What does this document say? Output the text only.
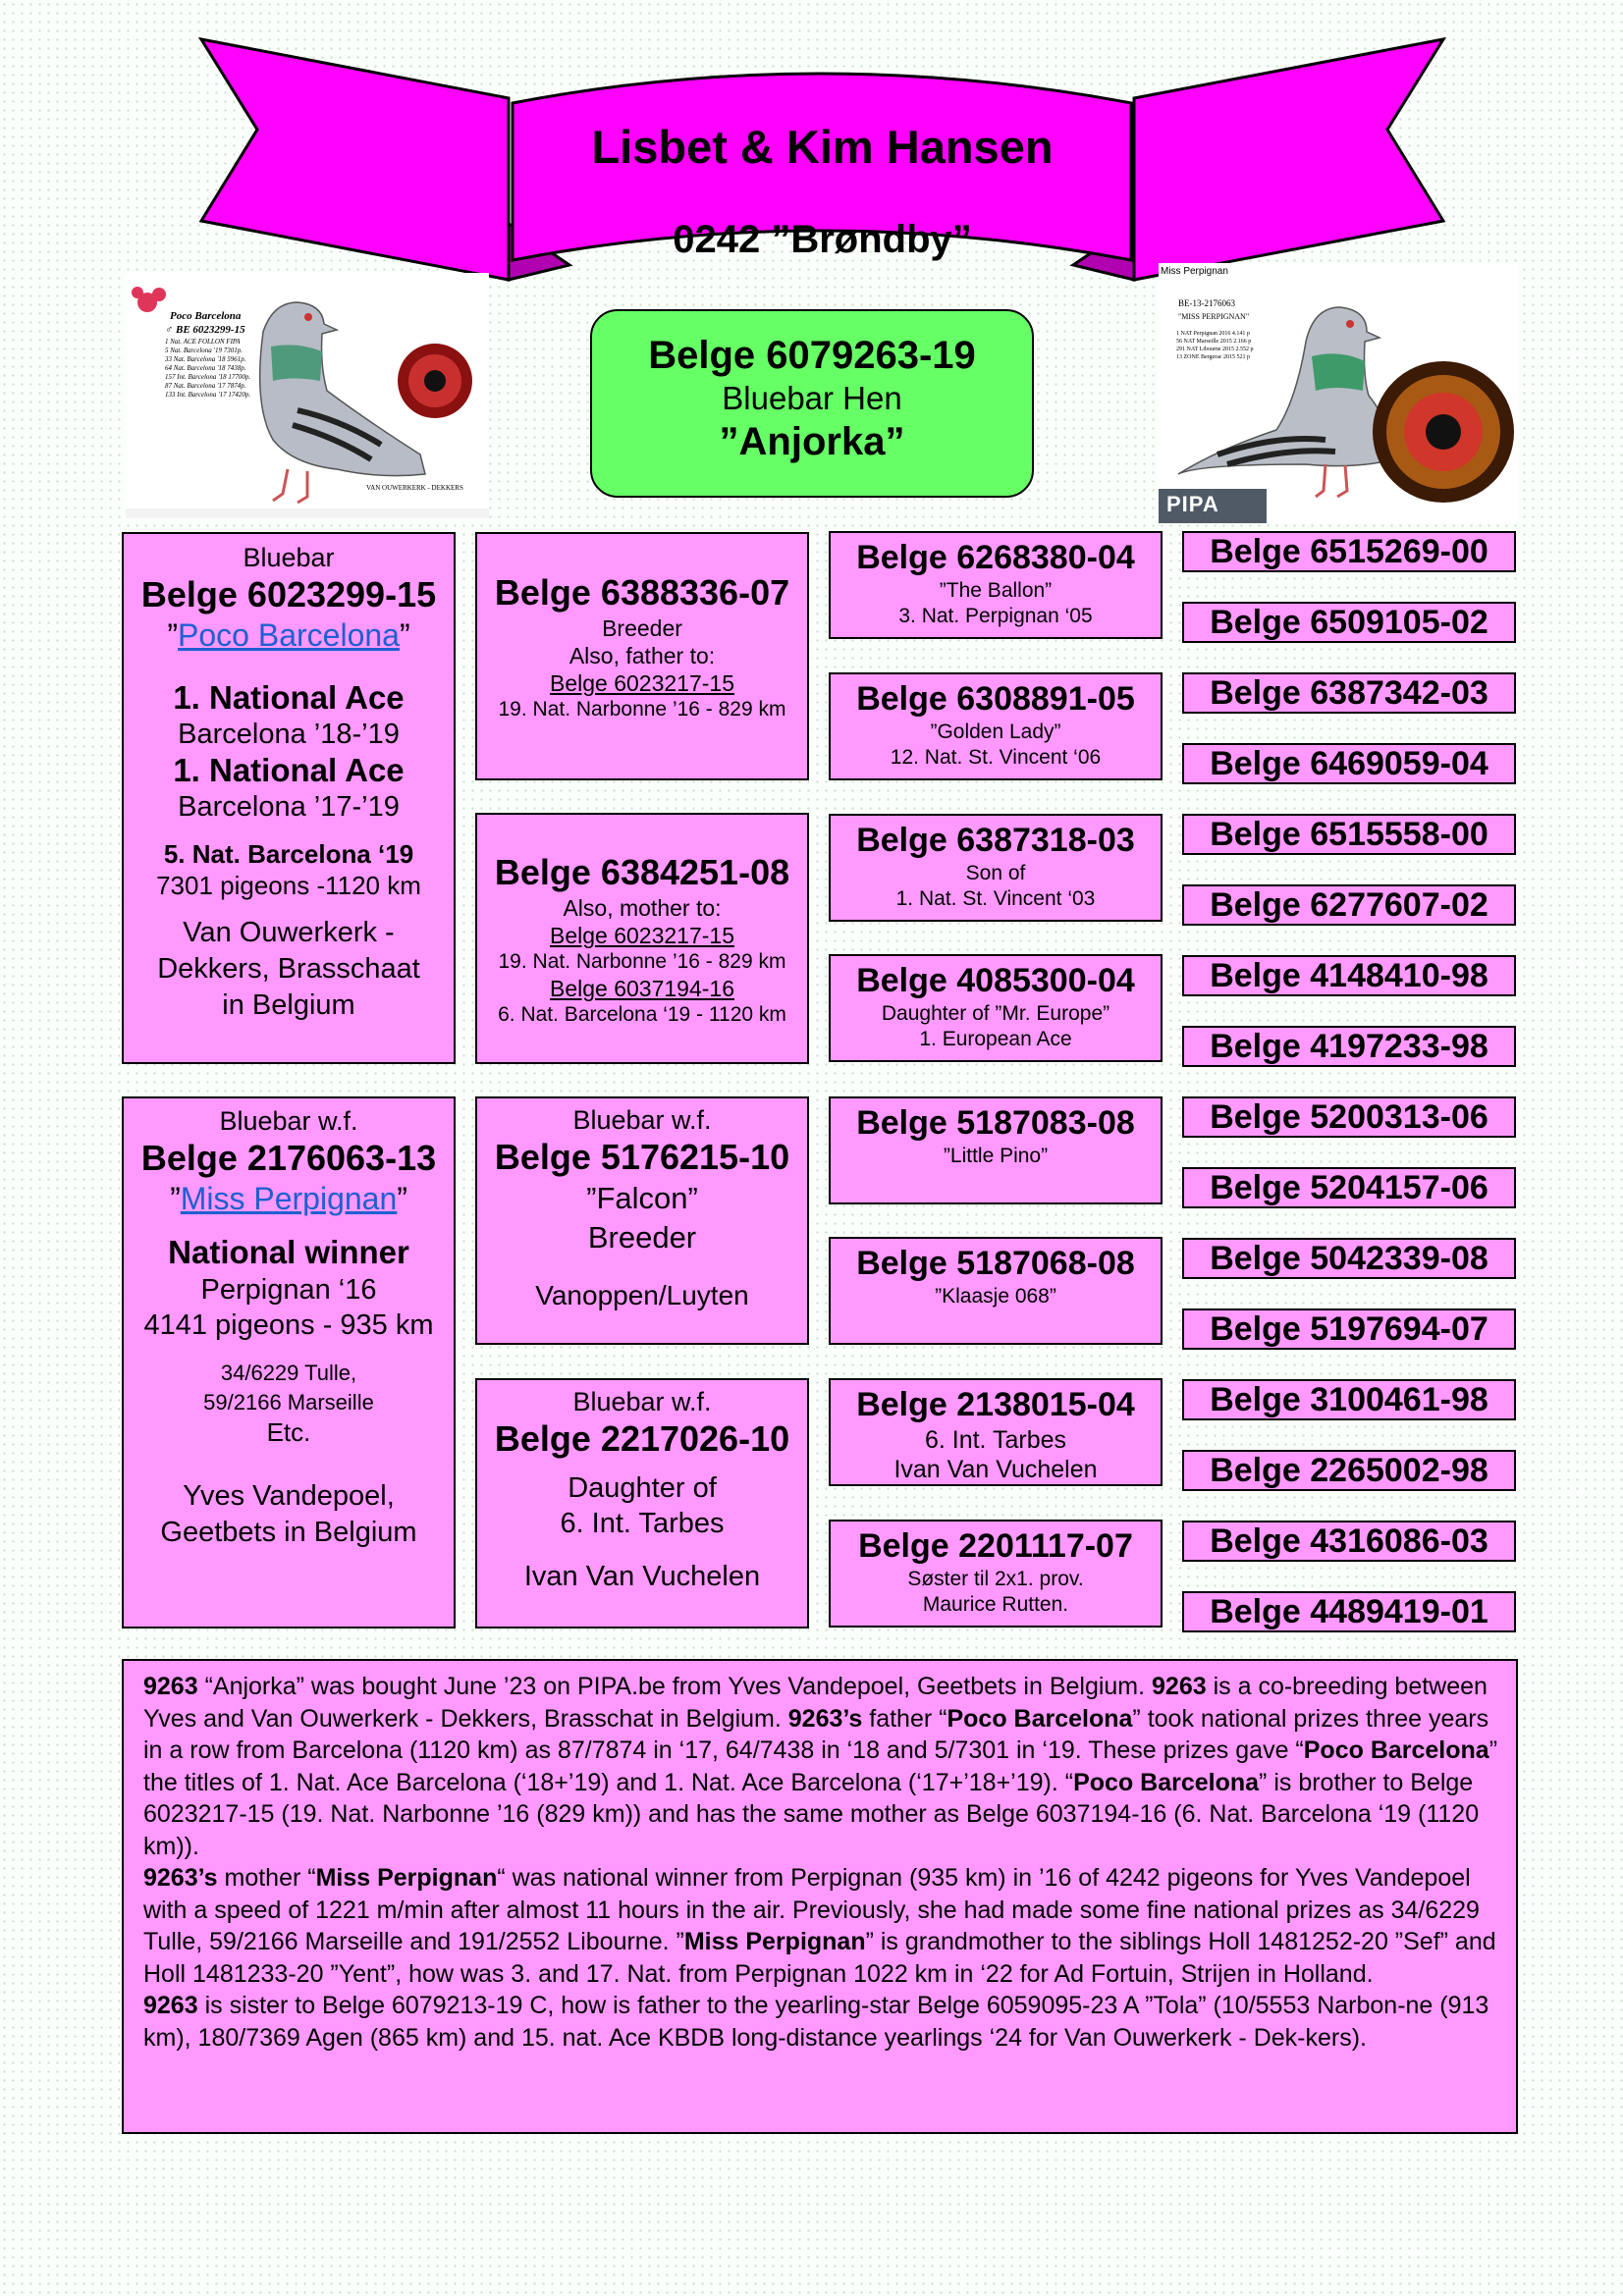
Lisbet & Kim Hansen
0242 ”Brøndby”
Poco Barcelona
♂ BE 6023299-15
1 Nat. ACE FOLLON FIPA
5 Nat. Barcelona '19 7301p.
33 Nat. Barcelona '18 5961p.
64 Nat. Barcelona '18 7438p.
157 Int. Barcelona '18 17700p.
87 Nat. Barcelona '17 7874p.
133 Int. Barcelona '17 17420p.
VAN OUWERKERK - DEKKERS
Miss Perpignan
BE-13-2176063
"MISS PERPIGNAN"
1 NAT Perpignan 2016 4.141 p
56 NAT Marseille 2015 2.166 p
291 NAT Libourne 2015 2.552 p
13 ZONE Bergerac 2015 521 p
PIPA
Belge 6079263-19
Bluebar Hen
”Anjorka”
Bluebar
Belge 6023299-15
”Poco Barcelona”
1. National Ace
Barcelona ’18-’19
1. National Ace
Barcelona ’17-’19
5. Nat. Barcelona ‘19
7301 pigeons -1120 km
Van Ouwerkerk -
Dekkers, Brasschaat
in Belgium
Bluebar w.f.
Belge 2176063-13
”Miss Perpignan”
National winner
Perpignan ‘16
4141 pigeons - 935 km
34/6229 Tulle,
59/2166 Marseille
Etc.
Yves Vandepoel,
Geetbets in Belgium
Belge 6388336-07
Breeder
Also, father to:
Belge 6023217-15
19. Nat. Narbonne ’16 - 829 km
Belge 6384251-08
Also, mother to:
Belge 6023217-15
19. Nat. Narbonne ’16 - 829 km
Belge 6037194-16
6. Nat. Barcelona ‘19 - 1120 km
Bluebar w.f.
Belge 5176215-10
”Falcon”
Breeder
Vanoppen/Luyten
Bluebar w.f.
Belge 2217026-10
Daughter of
6. Int. Tarbes
Ivan Van Vuchelen
Belge 6268380-04
”The Ballon”
3. Nat. Perpignan ‘05
Belge 6308891-05
”Golden Lady”
12. Nat. St. Vincent ‘06
Belge 6387318-03
Son of
1. Nat. St. Vincent ‘03
Belge 4085300-04
Daughter of ”Mr. Europe”
1. European Ace
Belge 5187083-08
”Little Pino”
Belge 5187068-08
”Klaasje 068”
Belge 2138015-04
6. Int. Tarbes
Ivan Van Vuchelen
Belge 2201117-07
Søster til 2x1. prov.
Maurice Rutten.
Belge 6515269-00
Belge 6509105-02
Belge 6387342-03
Belge 6469059-04
Belge 6515558-00
Belge 6277607-02
Belge 4148410-98
Belge 4197233-98
Belge 5200313-06
Belge 5204157-06
Belge 5042339-08
Belge 5197694-07
Belge 3100461-98
Belge 2265002-98
Belge 4316086-03
Belge 4489419-01

9263 “Anjorka” was bought June ’23 on PIPA.be from Yves Vandepoel, Geetbets in Belgium. 9263 is a co-breeding between Yves and Van Ouwerkerk - Dekkers, Brasschat in Belgium. 9263’s father “Poco Barcelona” took national prizes three years in a row from Barcelona (1120 km) as 87/7874 in ‘17, 64/7438 in ‘18 and 5/7301 in ‘19. These prizes gave “Poco Barcelona” the titles of 1. Nat. Ace Barcelona (‘18+’19) and 1. Nat. Ace Barcelona (‘17+’18+’19). “Poco Barcelona” is brother to Belge 6023217-15 (19. Nat. Narbonne ’16 (829 km)) and has the same mother as Belge 6037194-16 (6. Nat. Barcelona ‘19 (1120 km)).

9263’s mother “Miss Perpignan“ was national winner from Perpignan (935 km) in ’16 of 4242 pigeons for Yves Vandepoel with a speed of 1221 m/min after almost 11 hours in the air. Previously, she had made some fine national prizes as 34/6229 Tulle, 59/2166 Marseille and 191/2552 Libourne. ”Miss Perpignan” is grandmother to the siblings Holl 1481252-20 ”Sef” and Holl 1481233-20 ”Yent”, how was 3. and 17. Nat. from Perpignan 1022 km in ‘22 for Ad Fortuin, Strijen in Holland.

9263 is sister to Belge 6079213-19 C, how is father to the yearling-star Belge 6059095-23 A ”Tola” (10/5553 Narbon-ne (913 km), 180/7369 Agen (865 km) and 15. nat. Ace KBDB long-distance yearlings ‘24 for Van Ouwerkerk - Dek-kers).
